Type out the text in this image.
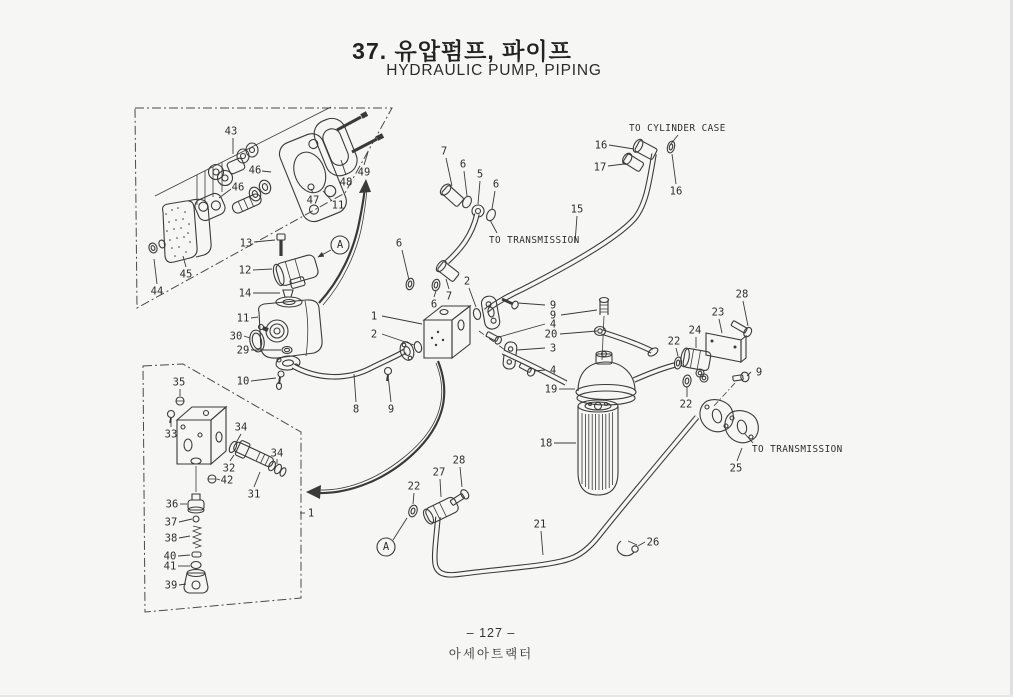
37. 유압펌프, 파이프
HYDRAULIC PUMP, PIPING
43
46
46	48
49
47 11
45
44
13
12
14
11
30
29
10
8	9
7
6
5
6
16
17
16
15
6
6
7
2
1
2
9
9
4
20
3
4
19
18
22
24
23
28
22
9
25
22
27
28
21
26
35
33
34
34
32
42
31
36
37
38
40
41
39
1
TO CYLINDER CASE
TO TRANSMISSION
TO TRANSMISSION
A
A
– 127 –
아세아트랙터
